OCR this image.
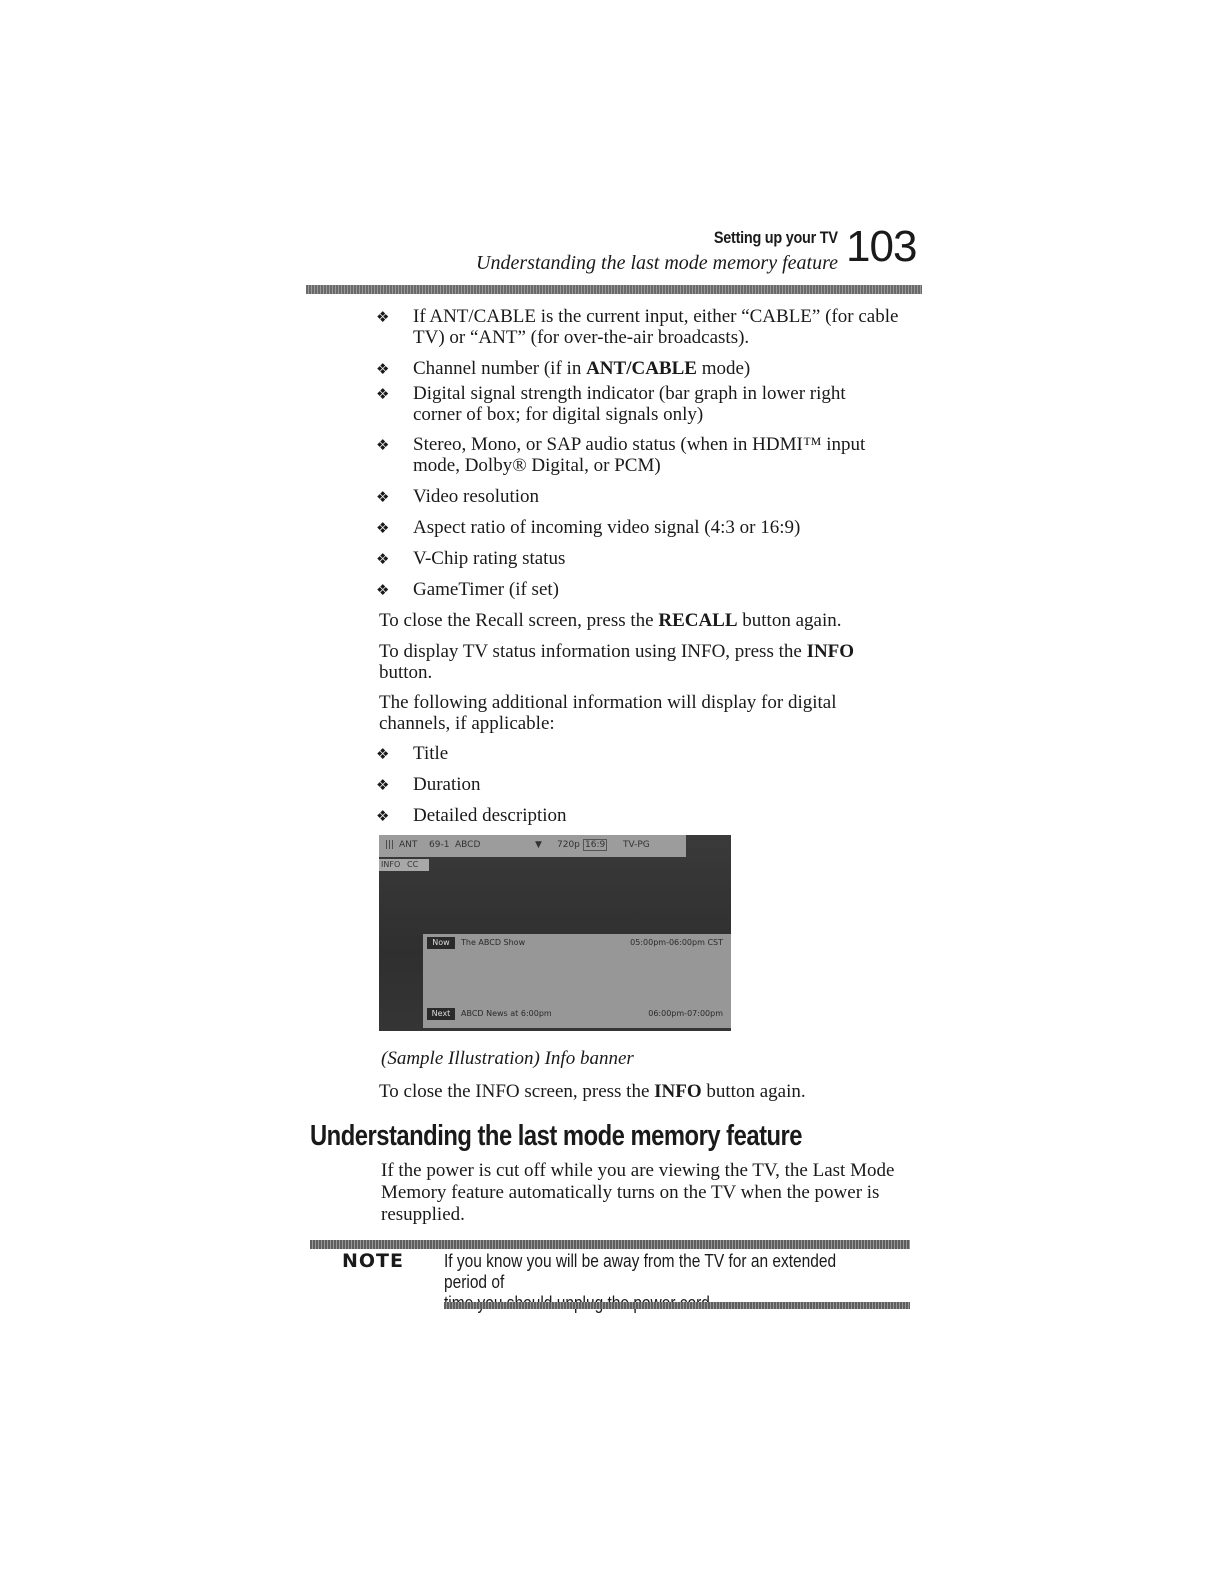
Setting up your TV
Understanding the last mode memory feature 103
❖ If ANT/CABLE is the current input, either “CABLE” (for cable
TV) or “ANT” (for over-the-air broadcasts).
❖ Channel number (if in ANT/CABLE mode)
❖ Digital signal strength indicator (bar graph in lower right
corner of box; for digital signals only)
❖ Stereo, Mono, or SAP audio status (when in HDMI™ input
mode, Dolby® Digital, or PCM)
❖ Video resolution
❖ Aspect ratio of incoming video signal (4:3 or 16:9)
❖ V-Chip rating status
❖ GameTimer (if set)
To close the Recall screen, press the RECALL button again.
To display TV status information using INFO, press the INFO
button.
The following additional information will display for digital
channels, if applicable:
❖ Title
❖ Duration
❖ Detailed description
||| ANT 69-1 ABCD	▼ 720p 16:9 TV-PG
INFO CC
Now	The ABCD Show	05:00pm-06:00pm CST
Next	ABCD News at 6:00pm	06:00pm-07:00pm
(Sample Illustration) Info banner
To close the INFO screen, press the INFO button again.
Understanding the last mode memory feature
If the power is cut off while you are viewing the TV, the Last Mode
Memory feature automatically turns on the TV when the power is
resupplied.
NOTE If you know you will be away from the TV for an extended period of
